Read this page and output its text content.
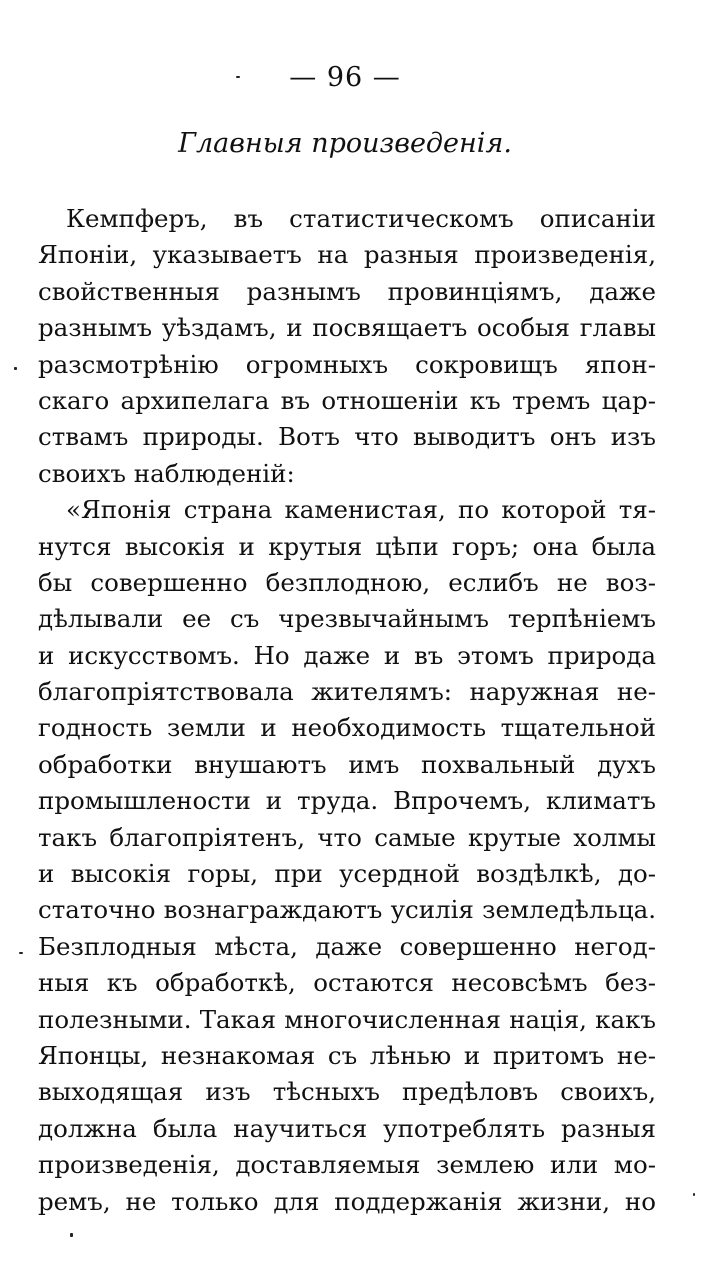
— 96 —
Главныя произведенія.
Кемпферъ, въ статистическомъ описаніи
Японіи, указываетъ на разныя произведенія,
свойственныя разнымъ провинціямъ, даже
разнымъ уѣздамъ, и посвящаетъ особыя главы
разсмотрѣнію огромныхъ сокровищъ япон-
скаго архипелага въ отношеніи къ тремъ цар-
ствамъ природы. Вотъ что выводитъ онъ изъ
своихъ наблюденій:
«Японія страна каменистая, по которой тя-
нутся высокія и крутыя цѣпи горъ; она была
бы совершенно безплодною, еслибъ не воз-
дѣлывали ее съ чрезвычайнымъ терпѣніемъ
и искусствомъ. Но даже и въ этомъ природа
благопріятствовала жителямъ: наружная не-
годность земли и необходимость тщательной
обработки внушаютъ имъ похвальный духъ
промышлености и труда. Впрочемъ, климатъ
такъ благопріятенъ, что самые крутые холмы
и высокія горы, при усердной воздѣлкѣ, до-
статочно вознаграждаютъ усилія земледѣльца.
Безплодныя мѣста, даже совершенно негод-
ныя къ обработкѣ, остаются несовсѣмъ без-
полезными. Такая многочисленная нація, какъ
Японцы, незнакомая съ лѣнью и притомъ не-
выходящая изъ тѣсныхъ предѣловъ своихъ,
должна была научиться употреблять разныя
произведенія, доставляемыя землею или мо-
ремъ, не только для поддержанія жизни, но
